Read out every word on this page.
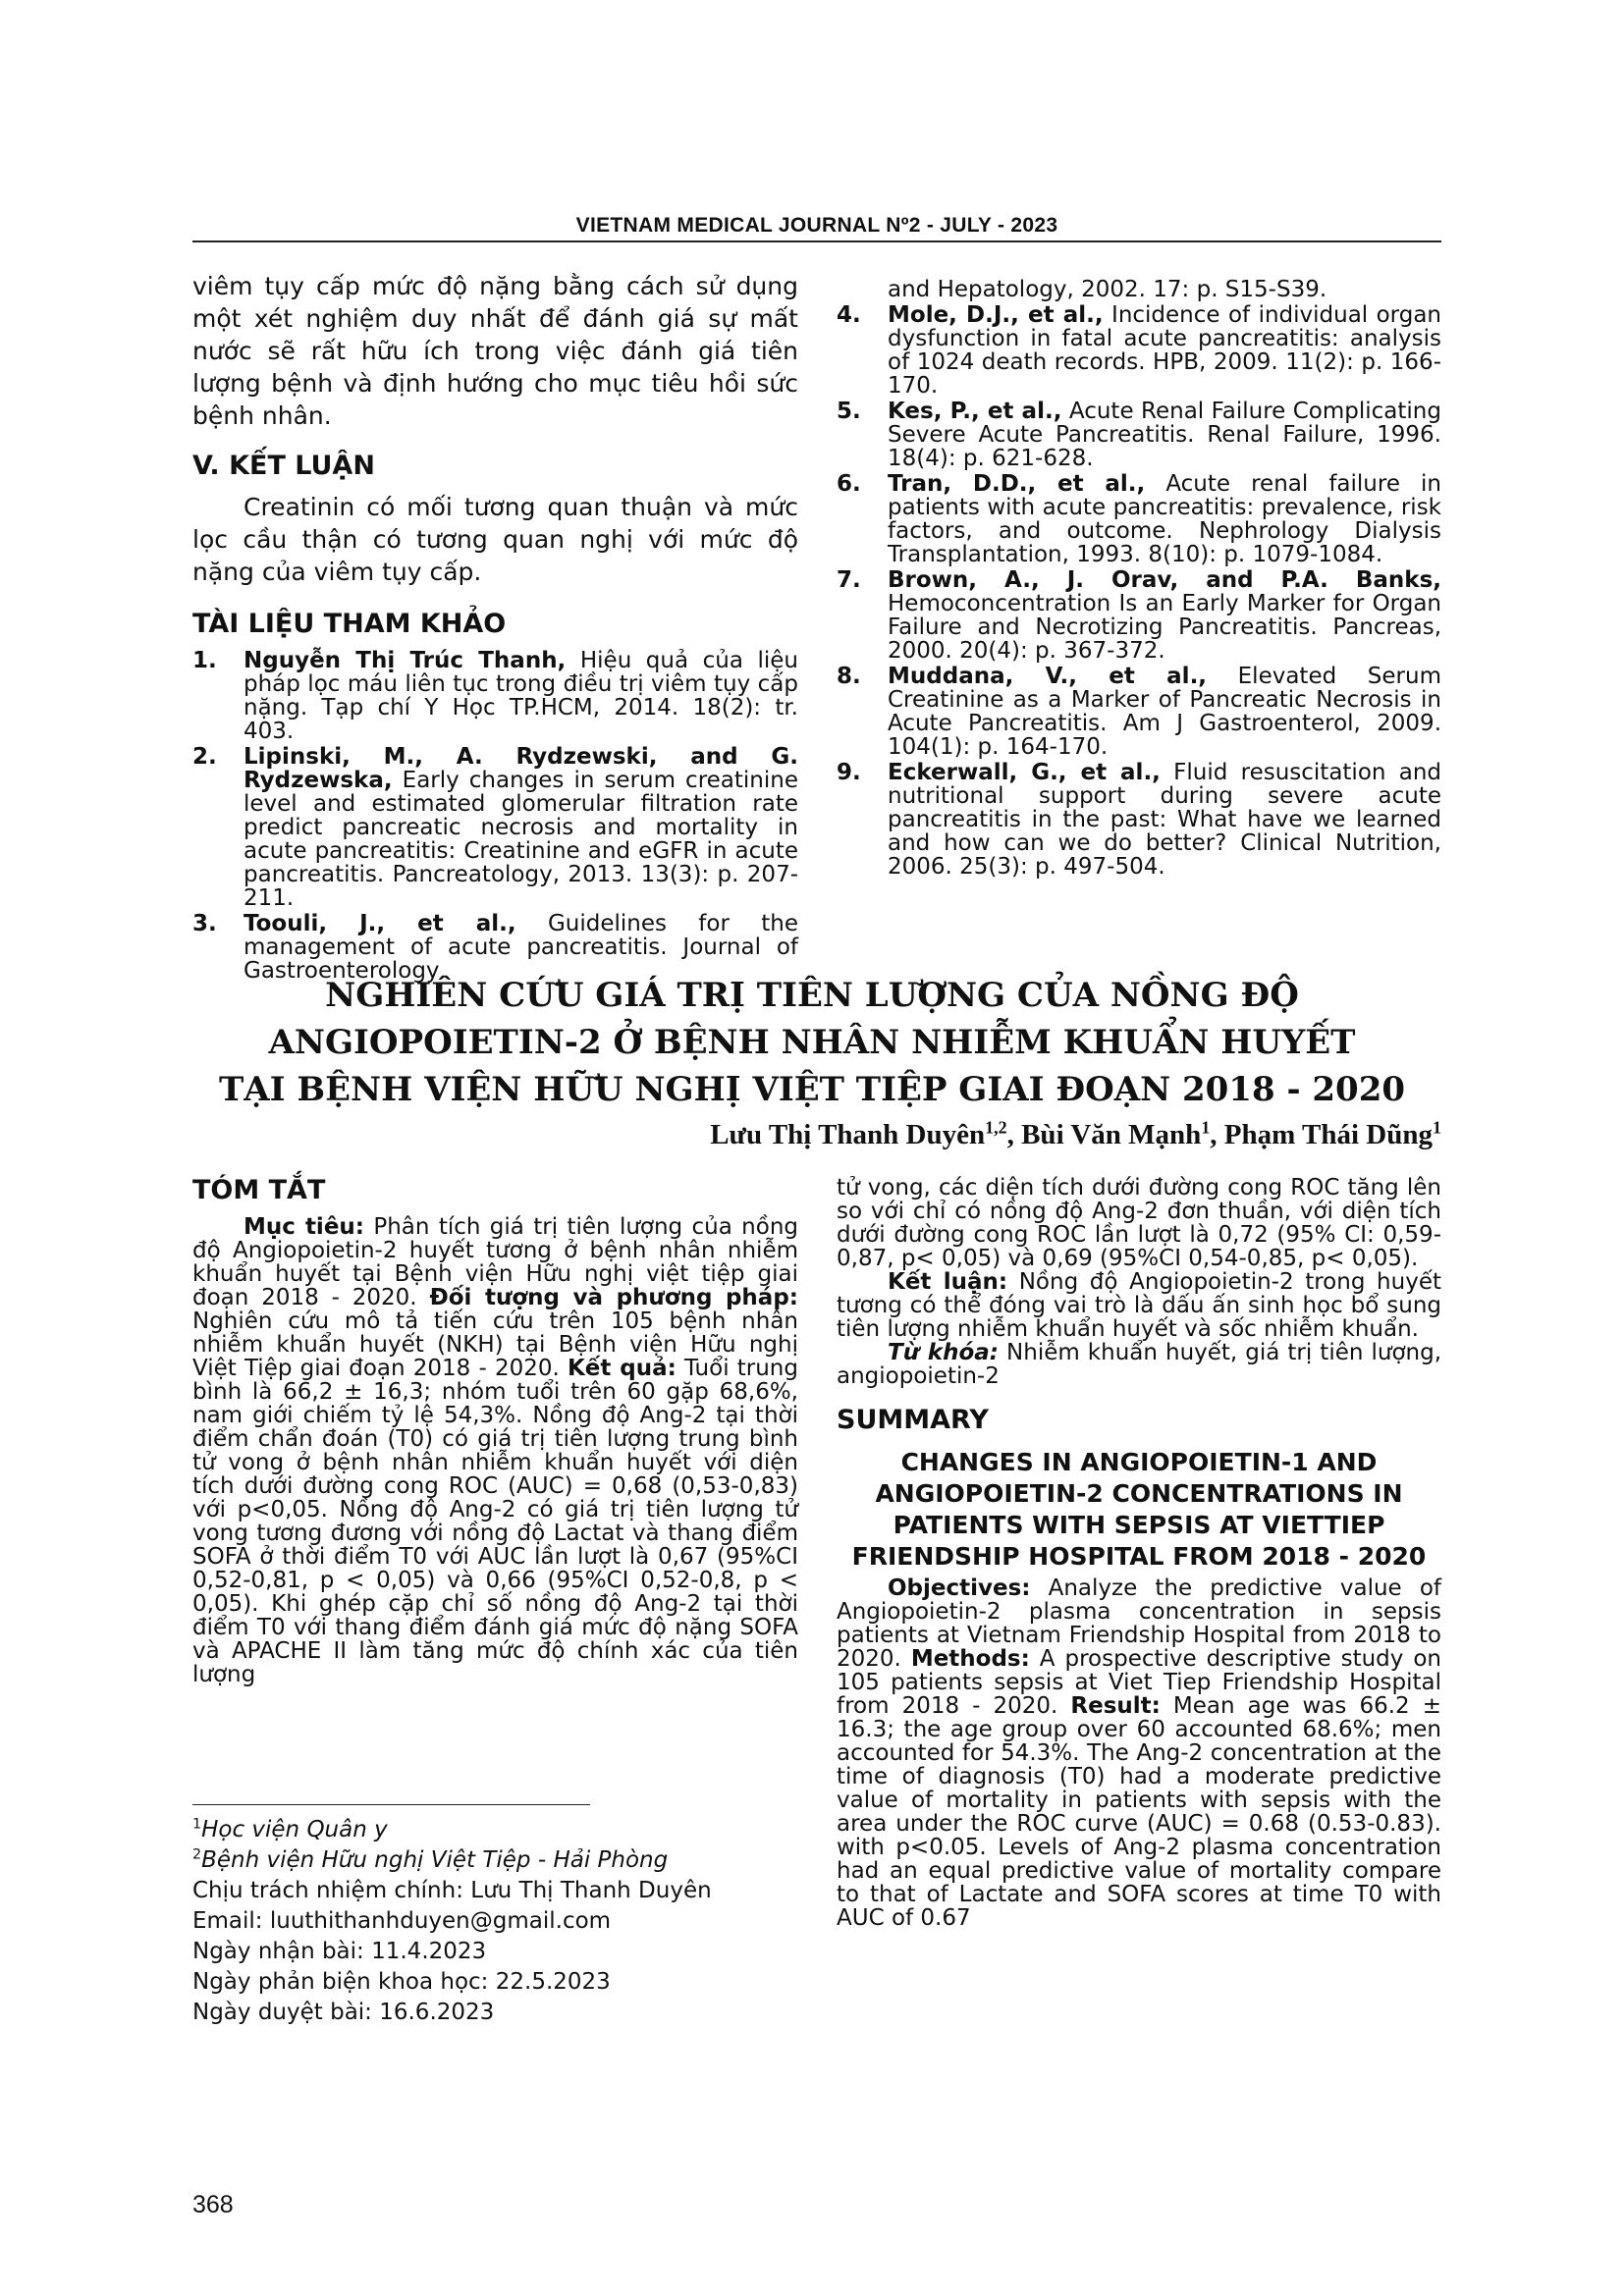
VIETNAM MEDICAL JOURNAL Nº2 - JULY - 2023
viêm tụy cấp mức độ nặng bằng cách sử dụng một xét nghiệm duy nhất để đánh giá sự mất nước sẽ rất hữu ích trong việc đánh giá tiên lượng bệnh và định hướng cho mục tiêu hồi sức bệnh nhân.
V. KẾT LUẬN
Creatinin có mối tương quan thuận và mức lọc cầu thận có tương quan nghị với mức độ nặng của viêm tụy cấp.
TÀI LIỆU THAM KHẢO
1. Nguyễn Thị Trúc Thanh, Hiệu quả của liệu pháp lọc máu liên tục trong điều trị viêm tụy cấp nặng. Tạp chí Y Học TP.HCM, 2014. 18(2): tr. 403.
2. Lipinski, M., A. Rydzewski, and G. Rydzewska, Early changes in serum creatinine level and estimated glomerular filtration rate predict pancreatic necrosis and mortality in acute pancreatitis: Creatinine and eGFR in acute pancreatitis. Pancreatology, 2013. 13(3): p. 207-211.
3. Toouli, J., et al., Guidelines for the management of acute pancreatitis. Journal of Gastroenterology
and Hepatology, 2002. 17: p. S15-S39.
4. Mole, D.J., et al., Incidence of individual organ dysfunction in fatal acute pancreatitis: analysis of 1024 death records. HPB, 2009. 11(2): p. 166-170.
5. Kes, P., et al., Acute Renal Failure Complicating Severe Acute Pancreatitis. Renal Failure, 1996. 18(4): p. 621-628.
6. Tran, D.D., et al., Acute renal failure in patients with acute pancreatitis: prevalence, risk factors, and outcome. Nephrology Dialysis Transplantation, 1993. 8(10): p. 1079-1084.
7. Brown, A., J. Orav, and P.A. Banks, Hemoconcentration Is an Early Marker for Organ Failure and Necrotizing Pancreatitis. Pancreas, 2000. 20(4): p. 367-372.
8. Muddana, V., et al., Elevated Serum Creatinine as a Marker of Pancreatic Necrosis in Acute Pancreatitis. Am J Gastroenterol, 2009. 104(1): p. 164-170.
9. Eckerwall, G., et al., Fluid resuscitation and nutritional support during severe acute pancreatitis in the past: What have we learned and how can we do better? Clinical Nutrition, 2006. 25(3): p. 497-504.
NGHIÊN CỨU GIÁ TRỊ TIÊN LƯỢNG CỦA NỒNG ĐỘ
ANGIOPOIETIN-2 Ở BỆNH NHÂN NHIỄM KHUẨN HUYẾT
TẠI BỆNH VIỆN HỮU NGHỊ VIỆT TIỆP GIAI ĐOẠN 2018 - 2020
Lưu Thị Thanh Duyên$^{1,2}$, Bùi Văn Mạnh$^1$, Phạm Thái Dũng$^1$
TÓM TẮT
Mục tiêu: Phân tích giá trị tiên lượng của nồng độ Angiopoietin-2 huyết tương ở bệnh nhân nhiễm khuẩn huyết tại Bệnh viện Hữu nghị việt tiệp giai đoạn 2018 - 2020. Đối tượng và phương pháp: Nghiên cứu mô tả tiến cứu trên 105 bệnh nhân nhiễm khuẩn huyết (NKH) tại Bệnh viện Hữu nghị Việt Tiệp giai đoạn 2018 - 2020. Kết quả: Tuổi trung bình là 66,2 ± 16,3; nhóm tuổi trên 60 gặp 68,6%, nam giới chiếm tỷ lệ 54,3%. Nồng độ Ang-2 tại thời điểm chẩn đoán (T0) có giá trị tiên lượng trung bình tử vong ở bệnh nhân nhiễm khuẩn huyết với diện tích dưới đường cong ROC (AUC) = 0,68 (0,53-0,83) với p<0,05. Nồng độ Ang-2 có giá trị tiên lượng tử vong tương đương với nồng độ Lactat và thang điểm SOFA ở thời điểm T0 với AUC lần lượt là 0,67 (95%CI 0,52-0,81, p < 0,05) và 0,66 (95%CI 0,52-0,8, p < 0,05). Khi ghép cặp chỉ số nồng độ Ang-2 tại thời điểm T0 với thang điểm đánh giá mức độ nặng SOFA và APACHE II làm tăng mức độ chính xác của tiên lượng
$^1$Học viện Quân y
$^2$Bệnh viện Hữu nghị Việt Tiệp - Hải Phòng
Chịu trách nhiệm chính: Lưu Thị Thanh Duyên
Email: luuthithanhduyen@gmail.com
Ngày nhận bài: 11.4.2023
Ngày phản biện khoa học: 22.5.2023
Ngày duyệt bài: 16.6.2023
tử vong, các diện tích dưới đường cong ROC tăng lên so với chỉ có nồng độ Ang-2 đơn thuần, với diện tích dưới đường cong ROC lần lượt là 0,72 (95% CI: 0,59-0,87, p< 0,05) và 0,69 (95%CI 0,54-0,85, p< 0,05).
Kết luận: Nồng độ Angiopoietin-2 trong huyết tương có thể đóng vai trò là dấu ấn sinh học bổ sung tiên lượng nhiễm khuẩn huyết và sốc nhiễm khuẩn.
Từ khóa: Nhiễm khuẩn huyết, giá trị tiên lượng, angiopoietin-2
SUMMARY
CHANGES IN ANGIOPOIETIN-1 AND ANGIOPOIETIN-2 CONCENTRATIONS IN PATIENTS WITH SEPSIS AT VIETTIEP FRIENDSHIP HOSPITAL FROM 2018 - 2020
Objectives: Analyze the predictive value of Angiopoietin-2 plasma concentration in sepsis patients at Vietnam Friendship Hospital from 2018 to 2020. Methods: A prospective descriptive study on 105 patients sepsis at Viet Tiep Friendship Hospital from 2018 - 2020. Result: Mean age was 66.2 ± 16.3; the age group over 60 accounted 68.6%; men accounted for 54.3%. The Ang-2 concentration at the time of diagnosis (T0) had a moderate predictive value of mortality in patients with sepsis with the area under the ROC curve (AUC) = 0.68 (0.53-0.83). with p<0.05. Levels of Ang-2 plasma concentration had an equal predictive value of mortality compare to that of Lactate and SOFA scores at time T0 with AUC of 0.67
368
